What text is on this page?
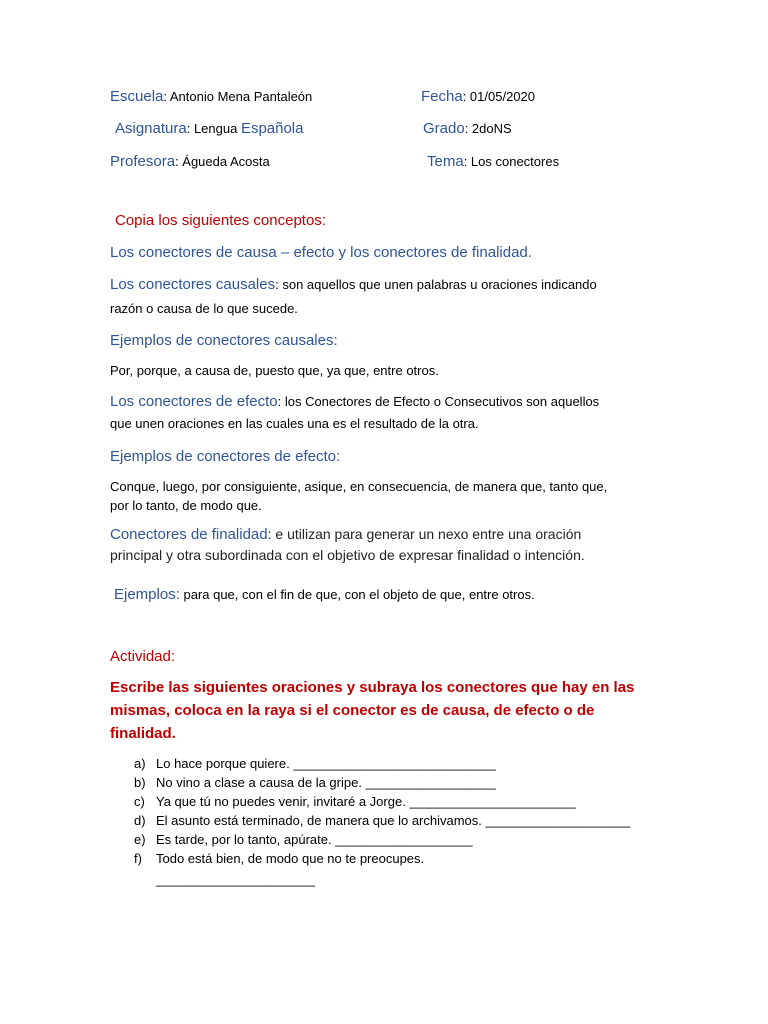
Escuela: Antonio Mena Pantaleón	Fecha: 01/05/2020
Asignatura: Lengua Española	Grado: 2doNS
Profesora: Águeda Acosta	Tema: Los conectores
Copia los siguientes conceptos:
Los conectores de causa – efecto y los conectores de finalidad.
Los conectores causales: son aquellos que unen palabras u oraciones indicando
razón o causa de lo que sucede.
Ejemplos de conectores causales:
Por, porque, a causa de, puesto que, ya que, entre otros.
Los conectores de efecto: los Conectores de Efecto o Consecutivos son aquellos
que unen oraciones en las cuales una es el resultado de la otra.
Ejemplos de conectores de efecto:
Conque, luego, por consiguiente, asique, en consecuencia, de manera que, tanto que,
por lo tanto, de modo que.
Conectores de finalidad: e utilizan para generar un nexo entre una oración
principal y otra subordinada con el objetivo de expresar finalidad o intención.
Ejemplos: para que, con el fin de que, con el objeto de que, entre otros.
Actividad:
Escribe las siguientes oraciones y subraya los conectores que hay en las
mismas, coloca en la raya si el conector es de causa, de efecto o de
finalidad.
a) Lo hace porque quiere. ____________________________
b) No vino a clase a causa de la gripe. __________________
c) Ya que tú no puedes venir, invitaré a Jorge. _______________________
d) El asunto está terminado, de manera que lo archivamos. ____________________
e) Es tarde, por lo tanto, apúrate. ___________________
f) Todo está bien, de modo que no te preocupes.
______________________
